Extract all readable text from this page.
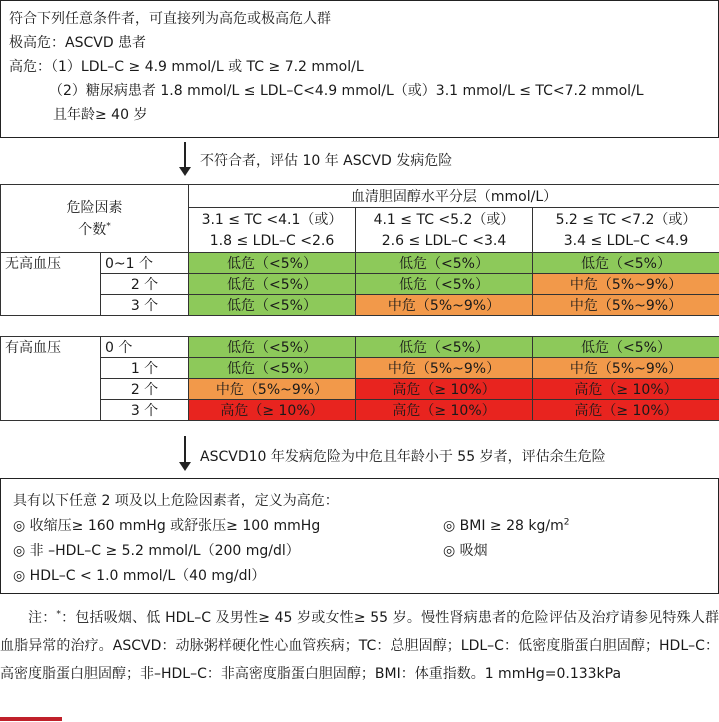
符合下列任意条件者，可直接列为高危或极高危人群
极高危：ASCVD 患者
高危：（1）LDL–C ≥ 4.9 mmol/L 或 TC ≥ 7.2 mmol/L
（2）糖尿病患者 1.8 mmol/L ≤ LDL–C<4.9 mmol/L（或）3.1 mmol/L ≤ TC<7.2 mmol/L
且年龄≥ 40 岁
不符合者，评估 10 年 ASCVD 发病危险
危险因素
个数*		血清胆固醇水平分层（mmol/L）		
		3.1 ≤ TC <4.1（或）	4.1 ≤ TC <5.2（或）	5.2 ≤ TC <7.2（或）
		1.8 ≤ LDL–C <2.6	2.6 ≤ LDL–C <3.4	3.4 ≤ LDL–C <4.9
无高血压	0~1 个	低危（<5%）	低危（<5%）	低危（<5%）
	2 个	低危（<5%）	低危（<5%）	中危（5%~9%）
	3 个	低危（<5%）	中危（5%~9%）	中危（5%~9%）

有高血压	0 个	低危（<5%）	低危（<5%）	低危（<5%）
	1 个	低危（<5%）	中危（5%~9%）	中危（5%~9%）
	2 个	中危（5%~9%）	高危（≥ 10%）	高危（≥ 10%）
	3 个	高危（≥ 10%）	高危（≥ 10%）	高危（≥ 10%）
ASCVD10 年发病危险为中危且年龄小于 55 岁者，评估余生危险
具有以下任意 2 项及以上危险因素者，定义为高危：
◎ 收缩压≥ 160 mmHg 或舒张压≥ 100 mmHg	◎ BMI ≥ 28 $kg/m^2$
◎ 非 –HDL–C ≥ 5.2 mmol/L（200 mg/dl）	◎ 吸烟
◎ HDL–C < 1.0 mmol/L（40 mg/dl）

注：*：包括吸烟、低 HDL–C 及男性≥ 45 岁或女性≥ 55 岁。慢性肾病患者的危险评估及治疗请参见特殊人群血脂异常的治疗。ASCVD：动脉粥样硬化性心血管疾病；TC：总胆固醇；LDL–C：低密度脂蛋白胆固醇；HDL–C：高密度脂蛋白胆固醇；非–HDL–C：非高密度脂蛋白胆固醇；BMI：体重指数。1 mmHg=0.133kPa
